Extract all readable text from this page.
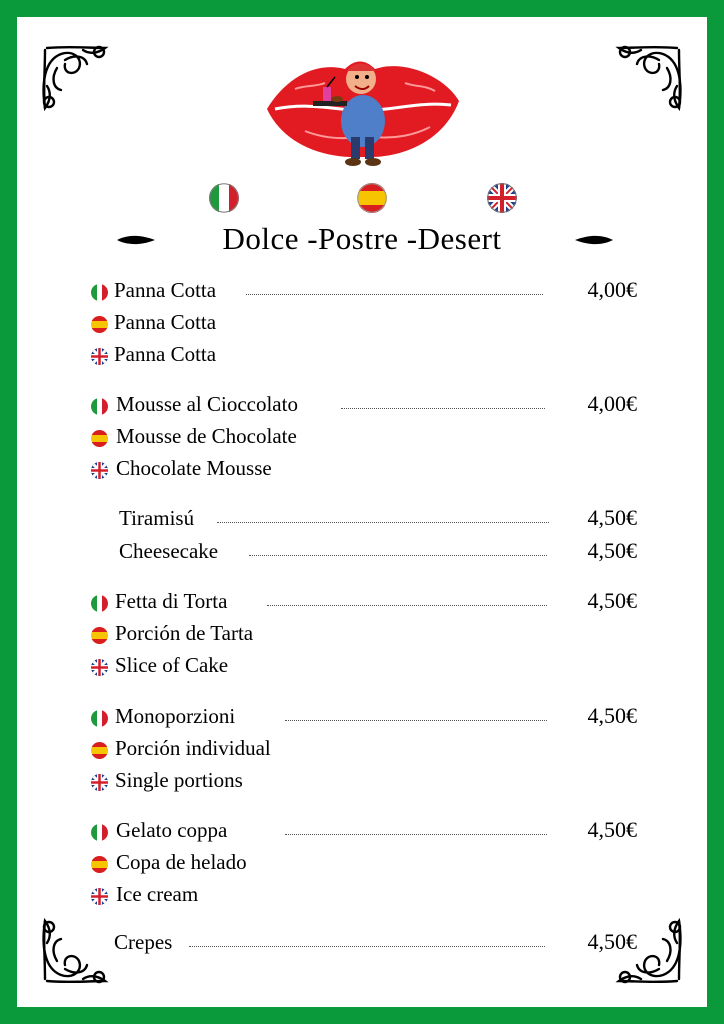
Dolce -Postre -Desert
Panna Cotta	4,00€
Panna Cotta
Panna Cotta
Mousse al Cioccolato	4,00€
Mousse de Chocolate
Chocolate Mousse
Tiramisú	4,50€
Cheesecake	4,50€
Fetta di Torta	4,50€
Porción de Tarta
Slice of Cake
Monoporzioni	4,50€
Porción individual
Single portions
Gelato coppa	4,50€
Copa de helado
Ice cream
Crepes	4,50€
